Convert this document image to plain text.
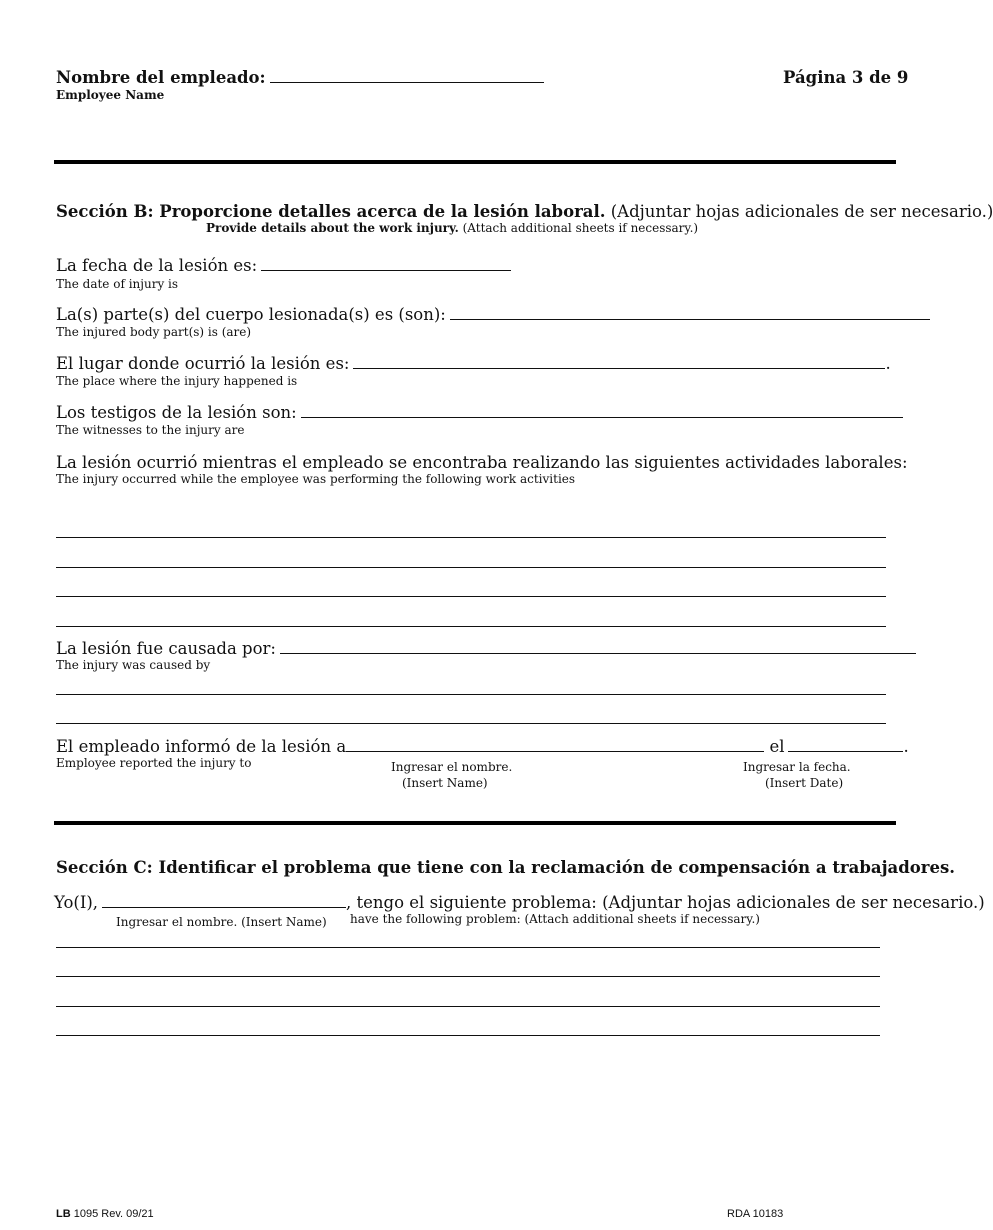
Nombre del empleado:
Employee Name
Página 3 de 9
Sección B: Proporcione detalles acerca de la lesión laboral. (Adjuntar hojas adicionales de ser necesario.)
Provide details about the work injury. (Attach additional sheets if necessary.)
La fecha de la lesión es:
The date of injury is
La(s) parte(s) del cuerpo lesionada(s) es (son):
The injured body part(s) is (are)
El lugar donde ocurrió la lesión es:	.
The place where the injury happened is
Los testigos de la lesión son:
The witnesses to the injury are
La lesión ocurrió mientras el empleado se encontraba realizando las siguientes actividades laborales:
The injury occurred while the employee was performing the following work activities
La lesión fue causada por:
The injury was caused by
El empleado informó de la lesión a	el	.
Employee reported the injury to	Ingresar el nombre.
(Insert Name)
Ingresar la fecha.
(Insert Date)
Sección C: Identificar el problema que tiene con la reclamación de compensación a trabajadores.
Yo(I),	, tengo el siguiente problema: (Adjuntar hojas adicionales de ser necesario.)
Ingresar el nombre. (Insert Name) have the following problem: (Attach additional sheets if necessary.)
LB 1095 Rev. 09/21	RDA 10183
